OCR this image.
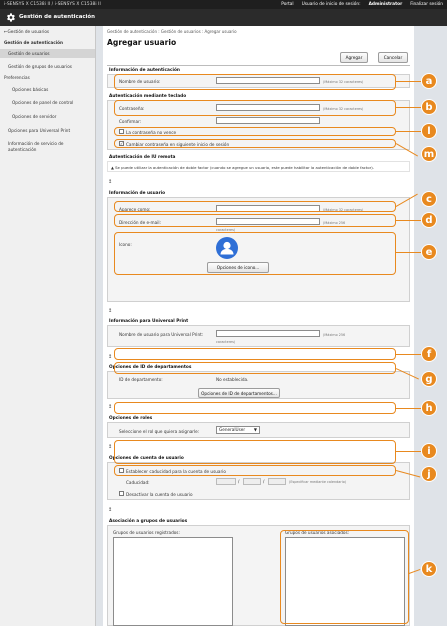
i-SENSYS X C1538i II / i-SENSYS X C1538i II	Portal Usuario de inicio de sesión: Administrator Finalizar sesión
Gestión de autenticación
←Gestión de usuarios
Gestión de autenticación
Gestión de usuarios
Gestión de grupos de usuarios
Preferencias
Opciones básicas
Opciones de panel de control
Opciones de servidor
Opciones para Universal Print
Información de servicio de
autenticación
Gestión de autenticación : Gestión de usuarios : Agregar usuario
Agregar usuario
Agregar	Cancelar
Información de autenticación
Nombre de usuario:	(Máximo 32 caracteres)
Autenticación mediante teclado
Contraseña:	(Máximo 32 caracteres)
Confirmar:
La contraseña no vence
✓ Cambiar contraseña en siguiente inicio de sesión
Autenticación de IU remota
▲ Se puede utilizar la autenticación de doble factor (cuando se agregue un usuario, este puede habilitar la autenticación de doble factor).
↥
Información de usuario
Aparece como:	(Máximo 32 caracteres)
Dirección de e-mail:	(Máximo 256
caracteres)
Icono:
Opciones de icono...
↥
Información para Universal Print
Nombre de usuario para Universal Print:	(Máximo 256
caracteres)
↥
Opciones de ID de departamentos
ID de departamento:	No establecida.
Opciones de ID de departamentos...
↥
Opciones de roles
Seleccione el rol que quiera asignarle:	GeneralUser ▼
↥
Opciones de cuenta de usuario
Establecer caducidad para la cuenta de usuario
Caducidad:	/	/	(Especificar mediante calendario)
Desactivar la cuenta de usuario
↥
Asociación a grupos de usuarios
Grupos de usuarios registrados:	Grupos de usuarios asociados:
a
b
l
m
c
d
e
f
g
h
i
j
k
